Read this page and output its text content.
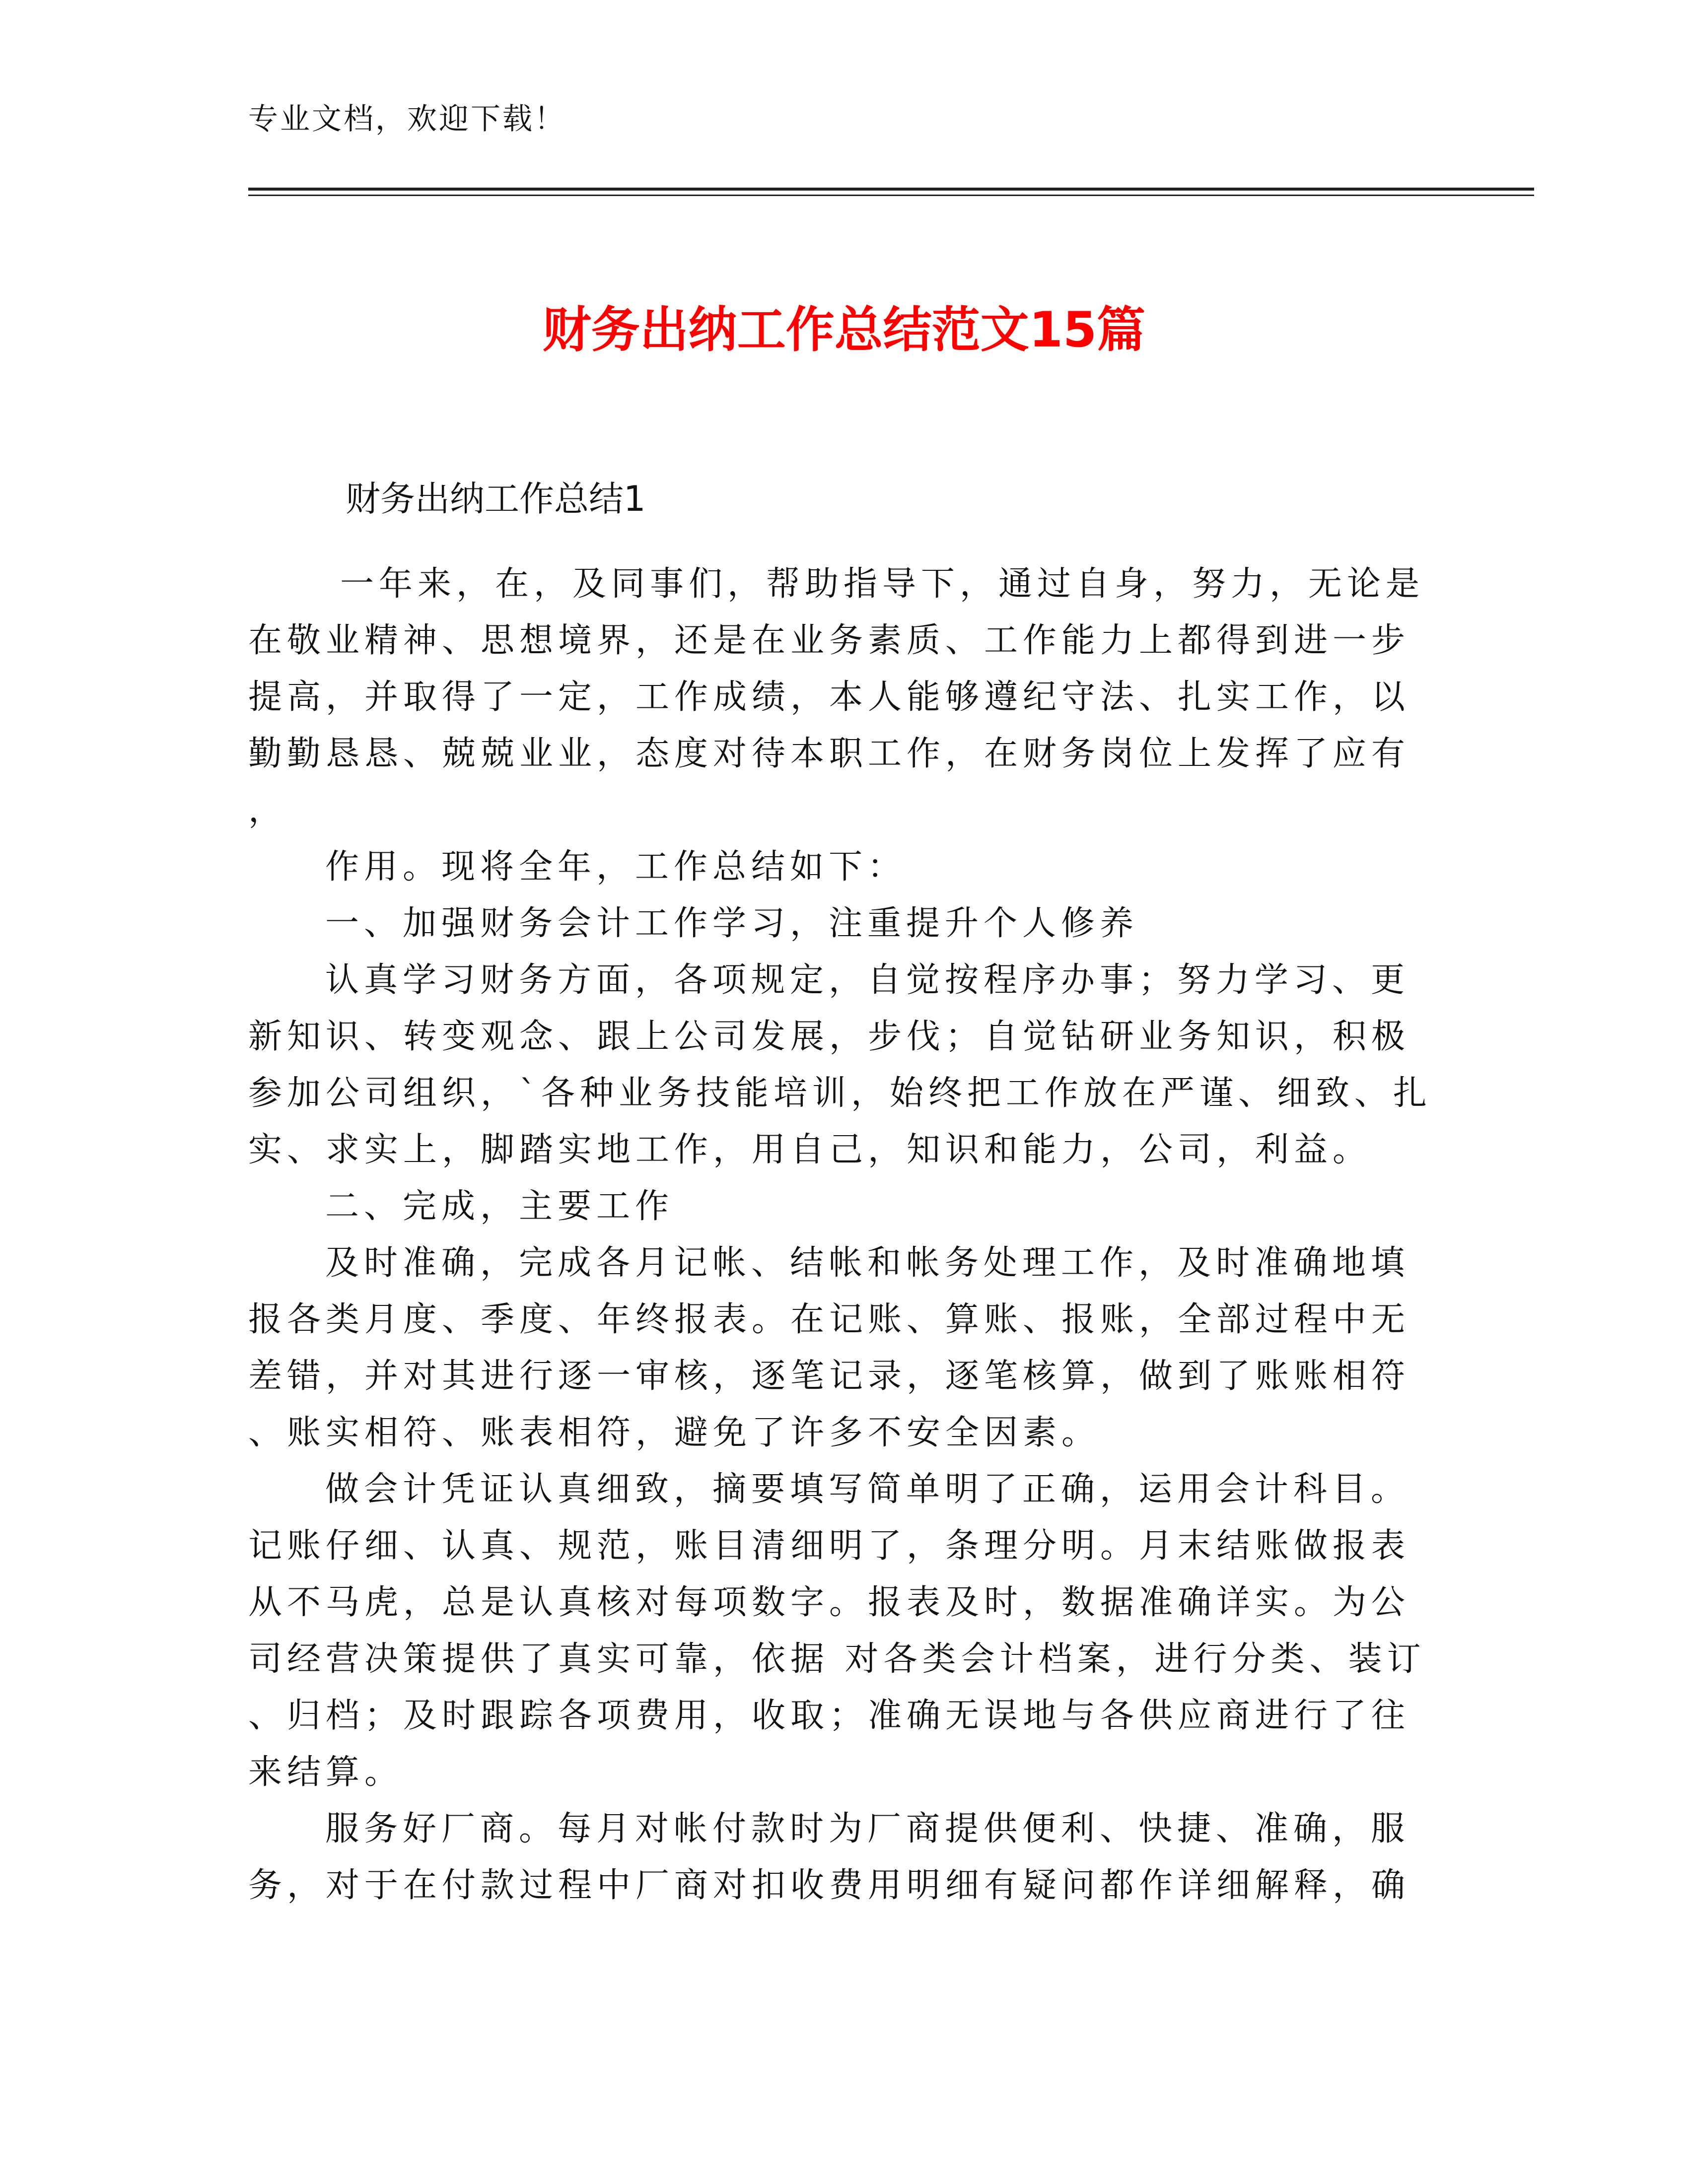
专业文档，欢迎下载！
财务出纳工作总结范文15篇
财务出纳工作总结1
一年来，在，及同事们，帮助指导下，通过自身，努力，无论是
在敬业精神、思想境界，还是在业务素质、工作能力上都得到进一步
提高，并取得了一定，工作成绩，本人能够遵纪守法、扎实工作，以
勤勤恳恳、兢兢业业，态度对待本职工作，在财务岗位上发挥了应有
，
作用。现将全年，工作总结如下：
一、加强财务会计工作学习，注重提升个人修养
认真学习财务方面，各项规定，自觉按程序办事；努力学习、更
新知识、转变观念、跟上公司发展，步伐；自觉钻研业务知识，积极
参加公司组织，`各种业务技能培训，始终把工作放在严谨、细致、扎
实、求实上，脚踏实地工作，用自己，知识和能力，公司，利益。
二、完成，主要工作
及时准确，完成各月记帐、结帐和帐务处理工作，及时准确地填
报各类月度、季度、年终报表。在记账、算账、报账，全部过程中无
差错，并对其进行逐一审核，逐笔记录，逐笔核算，做到了账账相符
、账实相符、账表相符，避免了许多不安全因素。
做会计凭证认真细致，摘要填写简单明了正确，运用会计科目。
记账仔细、认真、规范，账目清细明了，条理分明。月末结账做报表
从不马虎，总是认真核对每项数字。报表及时，数据准确详实。为公
司经营决策提供了真实可靠，依据 对各类会计档案，进行分类、装订
、归档；及时跟踪各项费用，收取；准确无误地与各供应商进行了往
来结算。
服务好厂商。每月对帐付款时为厂商提供便利、快捷、准确，服
务，对于在付款过程中厂商对扣收费用明细有疑问都作详细解释，确
